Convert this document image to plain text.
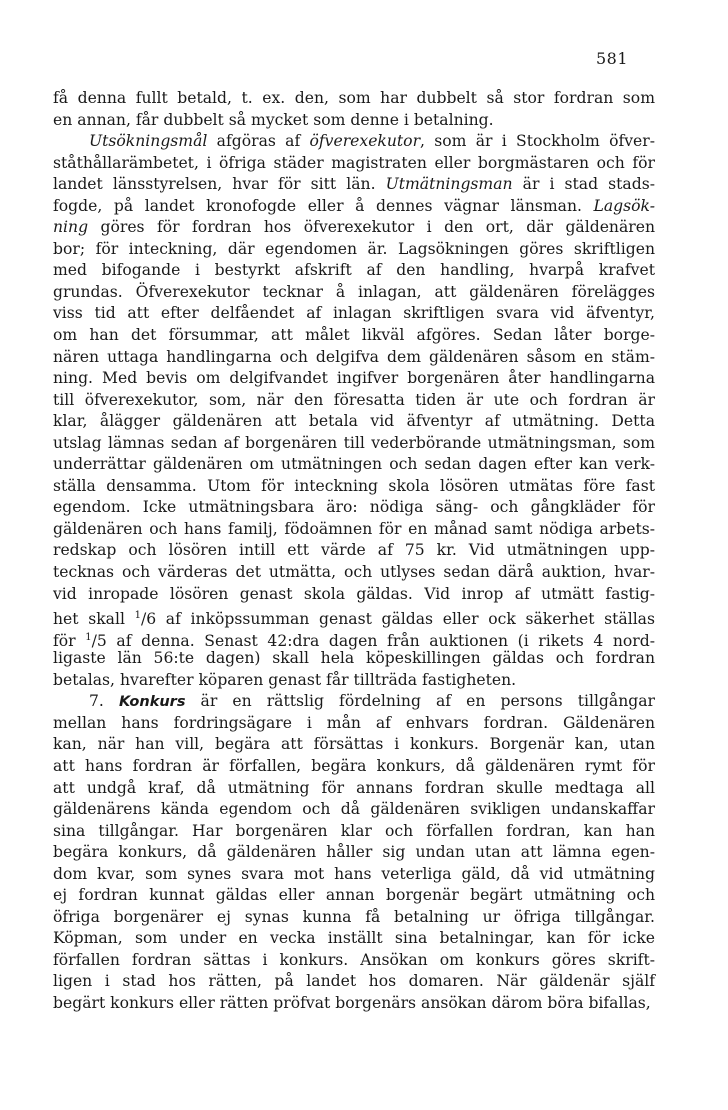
581
få denna fullt betald, t. ex. den, som har dubbelt så stor fordran som
en annan, får dubbelt så mycket som denne i betalning.
Utsökningsmål afgöras af öfverexekutor, som är i Stockholm öfver-
ståthållarämbetet, i öfriga städer magistraten eller borgmästaren och för
landet länsstyrelsen, hvar för sitt län. Utmätningsman är i stad stads-
fogde, på landet kronofogde eller å dennes vägnar länsman. Lagsök-
ning göres för fordran hos öfverexekutor i den ort, där gäldenären
bor; för inteckning, där egendomen är. Lagsökningen göres skriftligen
med bifogande i bestyrkt afskrift af den handling, hvarpå krafvet
grundas. Öfverexekutor tecknar å inlagan, att gäldenären förelägges
viss tid att efter delfåendet af inlagan skriftligen svara vid äfventyr,
om han det försummar, att målet likväl afgöres. Sedan låter borge-
nären uttaga handlingarna och delgifva dem gäldenären såsom en stäm-
ning. Med bevis om delgifvandet ingifver borgenären åter handlingarna
till öfverexekutor, som, när den föresatta tiden är ute och fordran är
klar, ålägger gäldenären att betala vid äfventyr af utmätning. Detta
utslag lämnas sedan af borgenären till vederbörande utmätningsman, som
underrättar gäldenären om utmätningen och sedan dagen efter kan verk-
ställa densamma. Utom för inteckning skola lösören utmätas före fast
egendom. Icke utmätningsbara äro: nödiga säng- och gångkläder för
gäldenären och hans familj, födoämnen för en månad samt nödiga arbets-
redskap och lösören intill ett värde af 75 kr. Vid utmätningen upp-
tecknas och värderas det utmätta, och utlyses sedan därå auktion, hvar-
vid inropade lösören genast skola gäldas. Vid inrop af utmätt fastig-
het skall $^1$/6 af inköpssumman genast gäldas eller ock säkerhet ställas
för $^1$/5 af denna. Senast 42:dra dagen från auktionen (i rikets 4 nord-
ligaste län 56:te dagen) skall hela köpeskillingen gäldas och fordran
betalas, hvarefter köparen genast får tillträda fastigheten.
7. Konkurs är en rättslig fördelning af en persons tillgångar
mellan hans fordringsägare i mån af enhvars fordran. Gäldenären
kan, när han vill, begära att försättas i konkurs. Borgenär kan, utan
att hans fordran är förfallen, begära konkurs, då gäldenären rymt för
att undgå kraf, då utmätning för annans fordran skulle medtaga all
gäldenärens kända egendom och då gäldenären svikligen undanskaffar
sina tillgångar. Har borgenären klar och förfallen fordran, kan han
begära konkurs, då gäldenären håller sig undan utan att lämna egen-
dom kvar, som synes svara mot hans veterliga gäld, då vid utmätning
ej fordran kunnat gäldas eller annan borgenär begärt utmätning och
öfriga borgenärer ej synas kunna få betalning ur öfriga tillgångar.
Köpman, som under en vecka inställt sina betalningar, kan för icke
förfallen fordran sättas i konkurs. Ansökan om konkurs göres skrift-
ligen i stad hos rätten, på landet hos domaren. När gäldenär själf
begärt konkurs eller rätten pröfvat borgenärs ansökan därom böra bifallas,
